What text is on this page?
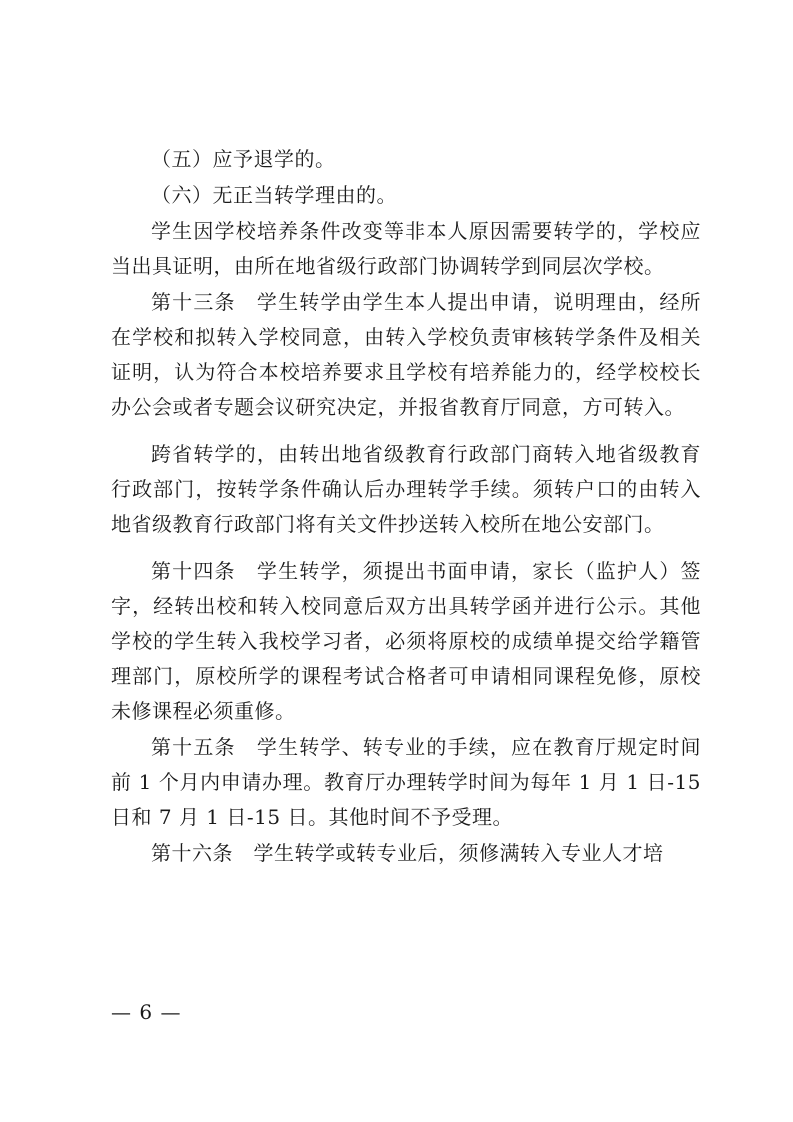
（五）应予退学的。

（六）无正当转学理由的。

学生因学校培养条件改变等非本人原因需要转学的，学校应当出具证明，由所在地省级行政部门协调转学到同层次学校。

第十三条　学生转学由学生本人提出申请，说明理由，经所在学校和拟转入学校同意，由转入学校负责审核转学条件及相关证明，认为符合本校培养要求且学校有培养能力的，经学校校长办公会或者专题会议研究决定，并报省教育厅同意，方可转入。

跨省转学的，由转出地省级教育行政部门商转入地省级教育行政部门，按转学条件确认后办理转学手续。须转户口的由转入地省级教育行政部门将有关文件抄送转入校所在地公安部门。

第十四条　学生转学，须提出书面申请，家长（监护人）签字，经转出校和转入校同意后双方出具转学函并进行公示。其他学校的学生转入我校学习者，必须将原校的成绩单提交给学籍管理部门，原校所学的课程考试合格者可申请相同课程免修，原校未修课程必须重修。

第十五条　学生转学、转专业的手续，应在教育厅规定时间前 1 个月内申请办理。教育厅办理转学时间为每年 1 月 1 日-15 日和 7 月 1 日-15 日。其他时间不予受理。

第十六条　学生转学或转专业后，须修满转入专业人才培

— 6 —
